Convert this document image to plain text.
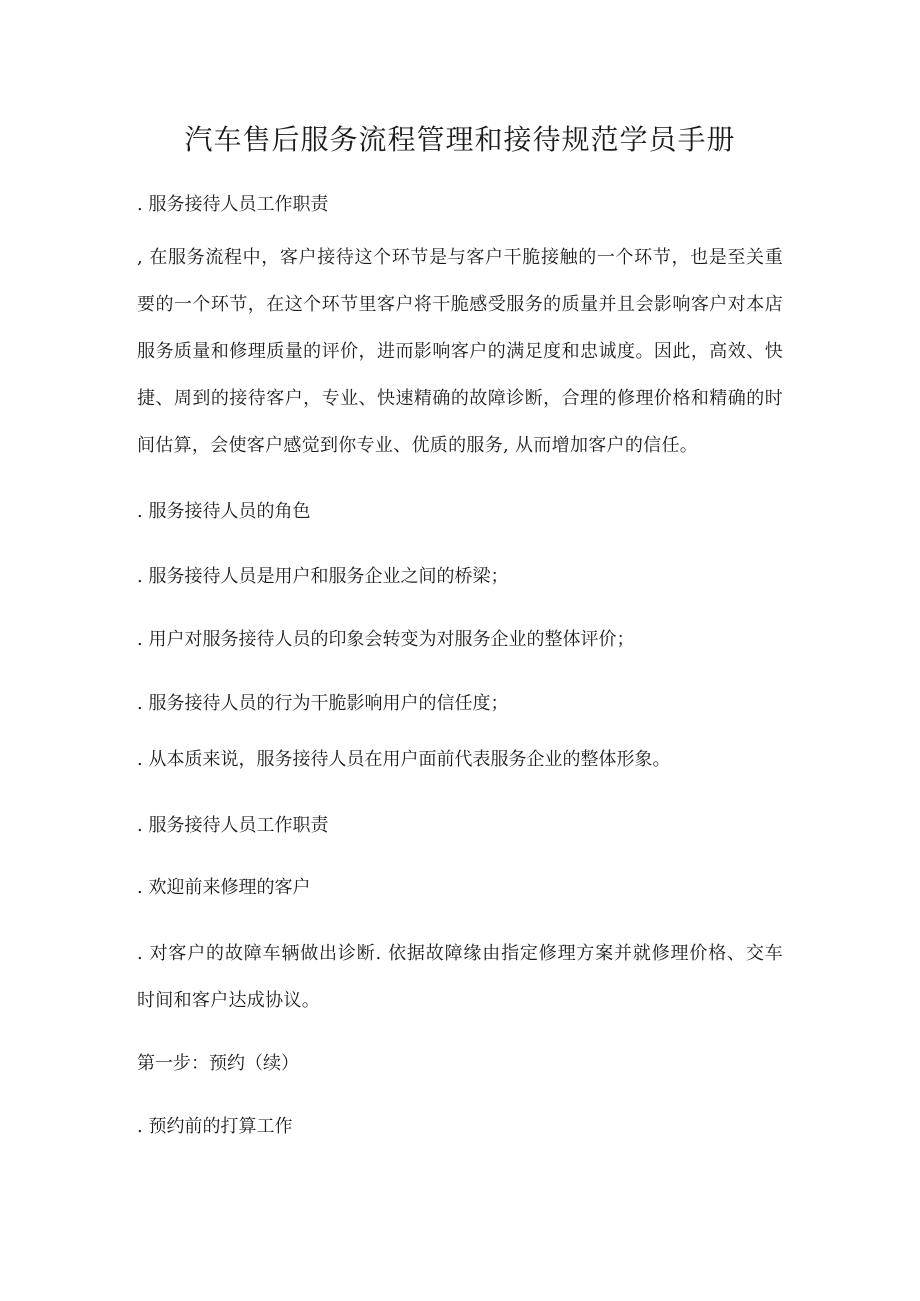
汽车售后服务流程管理和接待规范学员手册
. 服务接待人员工作职责
, 在服务流程中，客户接待这个环节是与客户干脆接触的一个环节，也是至关重要的一个环节，在这个环节里客户将干脆感受服务的质量并且会影响客户对本店服务质量和修理质量的评价，进而影响客户的满足度和忠诚度。因此，高效、快捷、周到的接待客户，专业、快速精确的故障诊断，合理的修理价格和精确的时间估算，会使客户感觉到你专业、优质的服务, 从而增加客户的信任。
. 服务接待人员的角色
. 服务接待人员是用户和服务企业之间的桥梁；
. 用户对服务接待人员的印象会转变为对服务企业的整体评价；
. 服务接待人员的行为干脆影响用户的信任度；
. 从本质来说，服务接待人员在用户面前代表服务企业的整体形象。
. 服务接待人员工作职责
. 欢迎前来修理的客户
. 对客户的故障车辆做出诊断. 依据故障缘由指定修理方案并就修理价格、交车时间和客户达成协议。
第一步：预约（续）
. 预约前的打算工作
